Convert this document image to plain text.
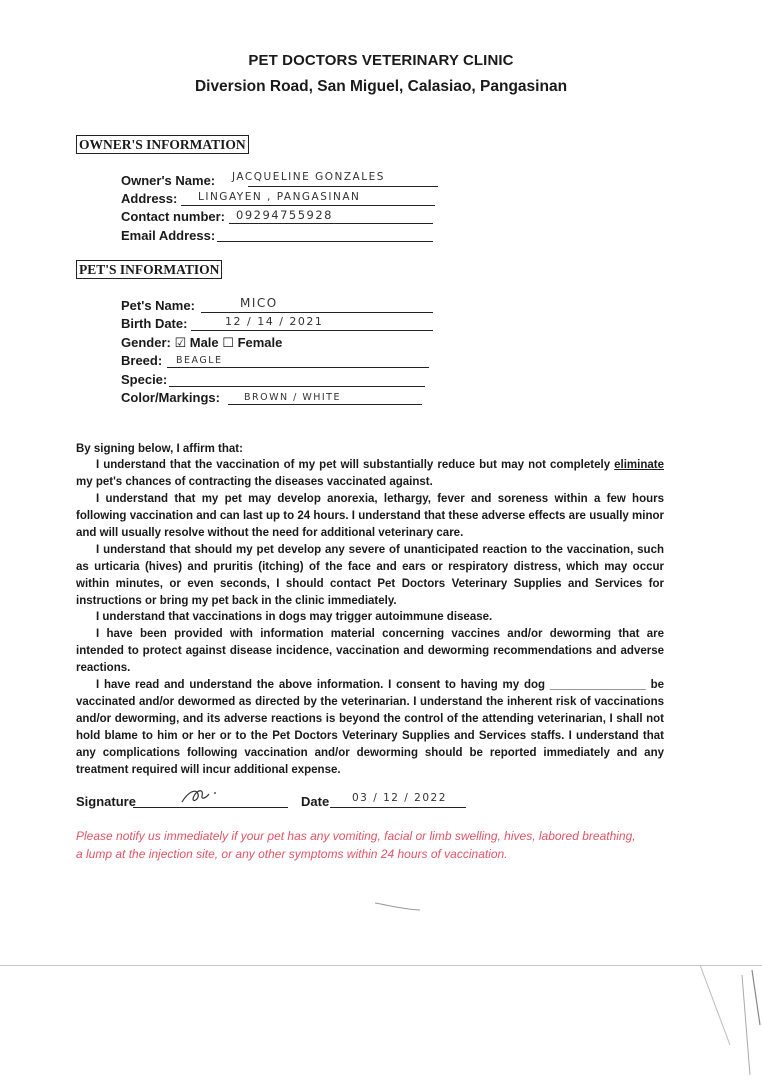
PET DOCTORS VETERINARY CLINIC
Diversion Road, San Miguel, Calasiao, Pangasinan
OWNER'S INFORMATION
Owner's Name: JACQUELINE GONZALES
Address: LINGAYEN , PANGASINAN
Contact number: 09294755928
Email Address:
PET'S INFORMATION
Pet's Name:	MICO
Birth Date:	12 / 14 / 2021
Gender: ☑ Male ☐ Female
Breed: BEAGLE
Specie:
Color/Markings:	BROWN / WHITE

By signing below, I affirm that:

I understand that the vaccination of my pet will substantially reduce but may not completely eliminate my pet's chances of contracting the diseases vaccinated against.

I understand that my pet may develop anorexia, lethargy, fever and soreness within a few hours following vaccination and can last up to 24 hours. I understand that these adverse effects are usually minor and will usually resolve without the need for additional veterinary care.

I understand that should my pet develop any severe of unanticipated reaction to the vaccination, such as urticaria (hives) and pruritis (itching) of the face and ears or respiratory distress, which may occur within minutes, or even seconds, I should contact Pet Doctors Veterinary Supplies and Services for instructions or bring my pet back in the clinic immediately.

I understand that vaccinations in dogs may trigger autoimmune disease.

I have been provided with information material concerning vaccines and/or deworming that are intended to protect against disease incidence, vaccination and deworming recommendations and adverse reactions.

I have read and understand the above information. I consent to having my dog _______________ be vaccinated and/or dewormed as directed by the veterinarian. I understand the inherent risk of vaccinations and/or deworming, and its adverse reactions is beyond the control of the attending veterinarian, I shall not hold blame to him or her or to the Pet Doctors Veterinary Supplies and Services staffs. I understand that any complications following vaccination and/or deworming should be reported immediately and any treatment required will incur additional expense.

Signature	Date 03 / 12 / 2022

Please notify us immediately if your pet has any vomiting, facial or limb swelling, hives, labored breathing, a lump at the injection site, or any other symptoms within 24 hours of vaccination.
